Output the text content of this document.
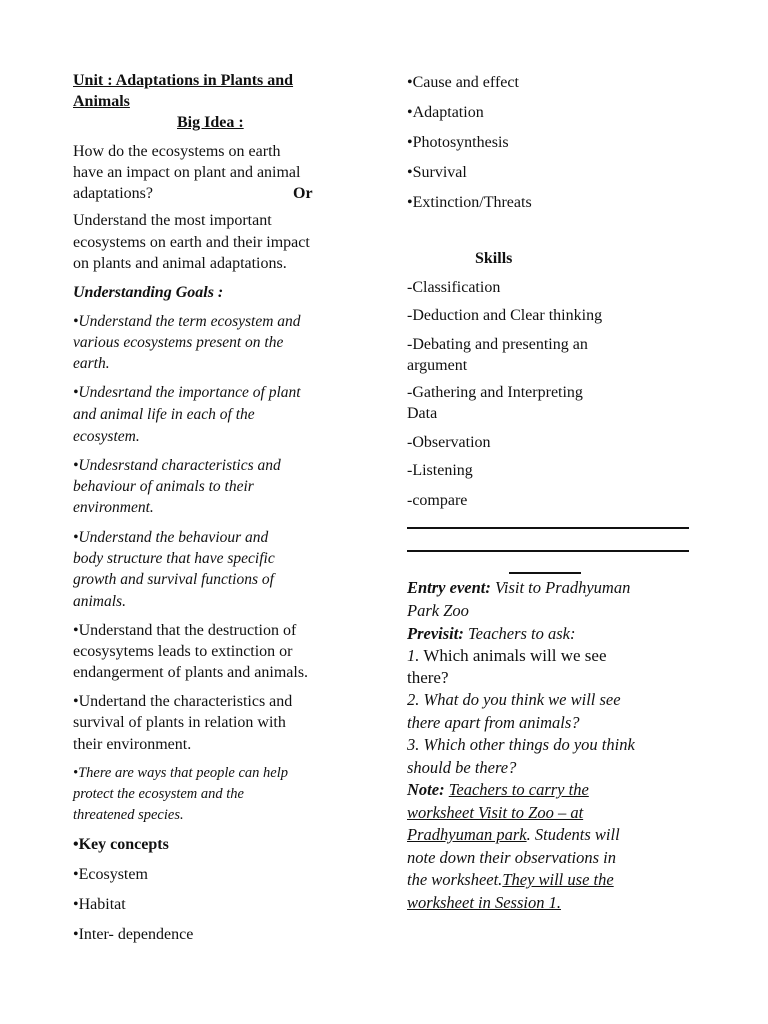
Unit : Adaptations in Plants and

Animals

Big Idea :

How do the ecosystems on earth

have an impact on plant and animal

adaptations?	Or

Understand the most important

ecosystems on earth and their impact

on plants and animal adaptations.

Understanding Goals :

•Understand the term ecosystem and

various ecosystems present on the

earth.

•Undesrtand the importance of plant

and animal life in each of the

ecosystem.

•Undesrstand characteristics and

behaviour of animals to their

environment.

•Understand the behaviour and

body structure that have specific

growth and survival functions of

animals.

•Understand that the destruction of

ecosysytems leads to extinction or

endangerment of plants and animals.

•Undertand the characteristics and

survival of plants in relation with

their environment.

•There are ways that people can help

protect the ecosystem and the

threatened species.

•Key concepts

•Ecosystem

•Habitat

•Inter- dependence

•Cause and effect

•Adaptation

•Photosynthesis

•Survival

•Extinction/Threats

Skills

-Classification

-Deduction and Clear thinking

-Debating and presenting an

argument

-Gathering and Interpreting

Data

-Observation

-Listening

-compare

Entry event: Visit to Pradhyuman

Park Zoo

Previsit: Teachers to ask:

1. Which animals will we see

there?

2. What do you think we will see

there apart from animals?

3. Which other things do you think

should be there?

Note: Teachers to carry the

worksheet Visit to Zoo – at

Pradhyuman park. Students will

note down their observations in

the worksheet.They will use the

worksheet in Session 1.
